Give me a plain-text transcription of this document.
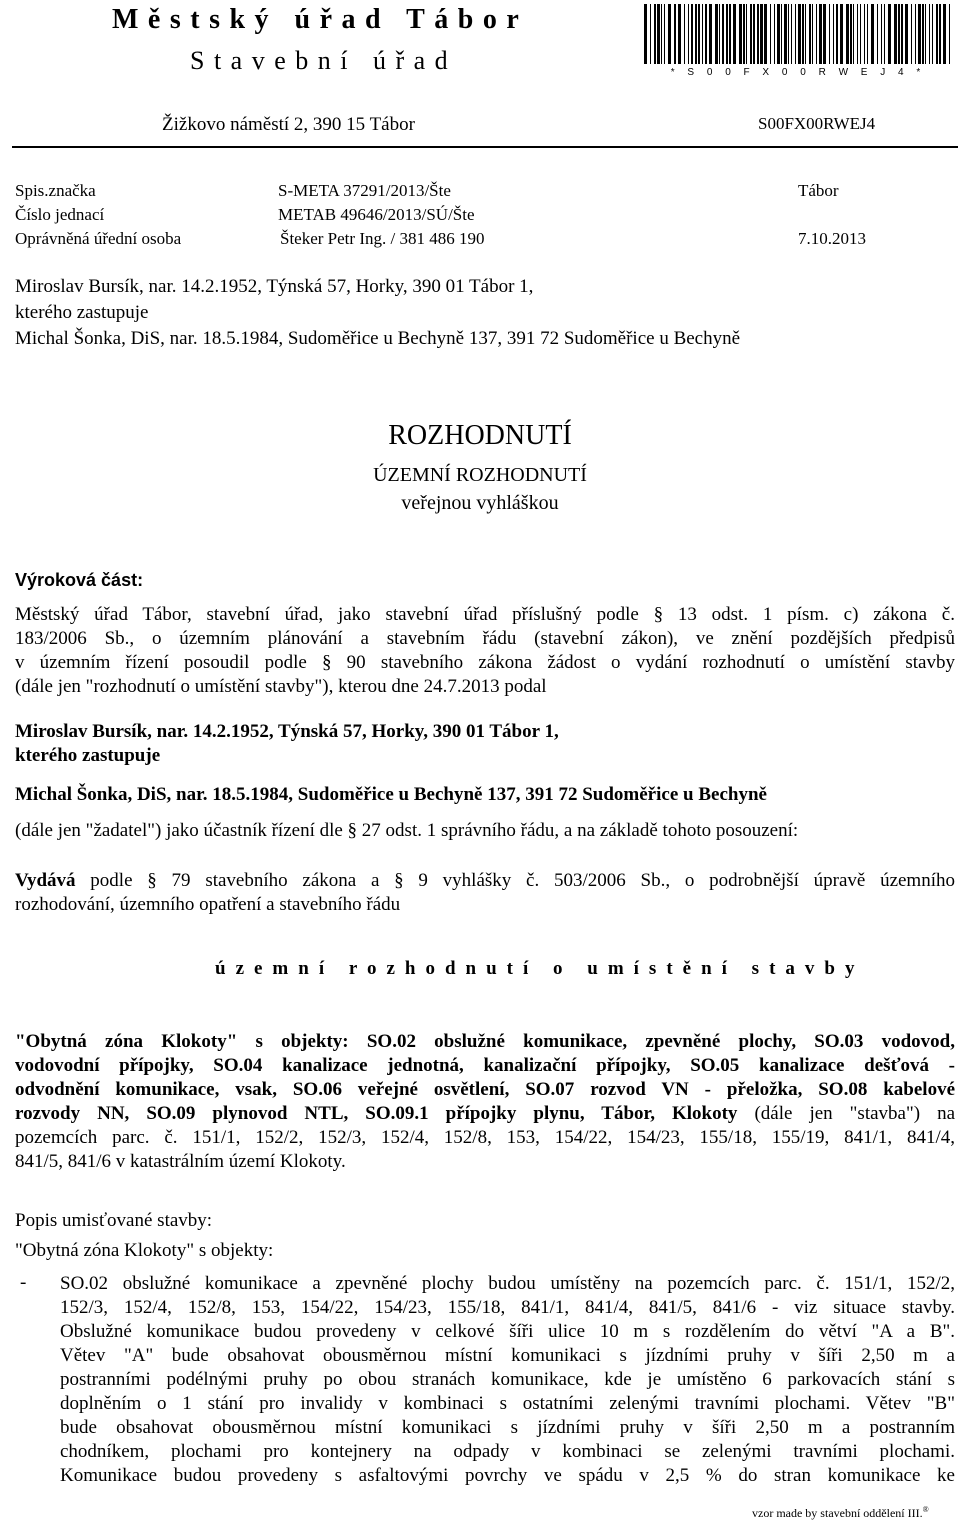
Městský úřad Tábor
Stavební úřad	* S 0 0 F X 0 0 R W E J 4 *
Žižkovo náměstí 2, 390 15 Tábor	S00FX00RWEJ4
Spis.značka	S-META 37291/2013/Šte	Tábor
Číslo jednací	METAB 49646/2013/SÚ/Šte
Oprávněná úřední osoba	Šteker Petr Ing. / 381 486 190	7.10.2013
Miroslav Bursík, nar. 14.2.1952, Týnská 57, Horky, 390 01 Tábor 1,
kterého zastupuje
Michal Šonka, DiS, nar. 18.5.1984, Sudoměřice u Bechyně 137, 391 72 Sudoměřice u Bechyně
ROZHODNUTÍ
ÚZEMNÍ ROZHODNUTÍ
veřejnou vyhláškou
Výroková část:
Městský úřad Tábor, stavební úřad, jako stavební úřad příslušný podle § 13 odst. 1 písm. c) zákona č.
183/2006 Sb., o územním plánování a stavebním řádu (stavební zákon), ve znění pozdějších předpisů
v územním řízení posoudil podle § 90 stavebního zákona žádost o vydání rozhodnutí o umístění stavby
(dále jen "rozhodnutí o umístění stavby"), kterou dne 24.7.2013 podal
Miroslav Bursík, nar. 14.2.1952, Týnská 57, Horky, 390 01 Tábor 1,
kterého zastupuje
Michal Šonka, DiS, nar. 18.5.1984, Sudoměřice u Bechyně 137, 391 72 Sudoměřice u Bechyně
(dále jen "žadatel") jako účastník řízení dle § 27 odst. 1 správního řádu, a na základě tohoto posouzení:
Vydává podle § 79 stavebního zákona a § 9 vyhlášky č. 503/2006 Sb., o podrobnější úpravě územního
rozhodování, územního opatření a stavebního řádu
územní rozhodnutí o umístění stavby
"Obytná zóna Klokoty" s objekty: SO.02 obslužné komunikace, zpevněné plochy, SO.03 vodovod,
vodovodní přípojky, SO.04 kanalizace jednotná, kanalizační přípojky, SO.05 kanalizace dešťová -
odvodnění komunikace, vsak, SO.06 veřejné osvětlení, SO.07 rozvod VN - přeložka, SO.08 kabelové
rozvody NN, SO.09 plynovod NTL, SO.09.1 přípojky plynu, Tábor, Klokoty (dále jen "stavba") na
pozemcích parc. č. 151/1, 152/2, 152/3, 152/4, 152/8, 153, 154/22, 154/23, 155/18, 155/19, 841/1, 841/4,
841/5, 841/6 v katastrálním území Klokoty.
Popis umisťované stavby:
"Obytná zóna Klokoty" s objekty:
- SO.02 obslužné komunikace a zpevněné plochy budou umístěny na pozemcích parc. č. 151/1, 152/2,
152/3, 152/4, 152/8, 153, 154/22, 154/23, 155/18, 841/1, 841/4, 841/5, 841/6 - viz situace stavby.
Obslužné komunikace budou provedeny v celkové šíři ulice 10 m s rozdělením do větví "A a B".
Větev "A" bude obsahovat obousměrnou místní komunikaci s jízdními pruhy v šíři 2,50 m a
postranními podélnými pruhy po obou stranách komunikace, kde je umístěno 6 parkovacích stání s
doplněním o 1 stání pro invalidy v kombinaci s ostatními zelenými travními plochami. Větev "B"
bude obsahovat obousměrnou místní komunikaci s jízdními pruhy v šíři 2,50 m a postranním
chodníkem, plochami pro kontejnery na odpady v kombinaci se zelenými travními plochami.
Komunikace budou provedeny s asfaltovými povrchy ve spádu v 2,5 % do stran komunikace ke
vzor made by stavební oddělení III.®
